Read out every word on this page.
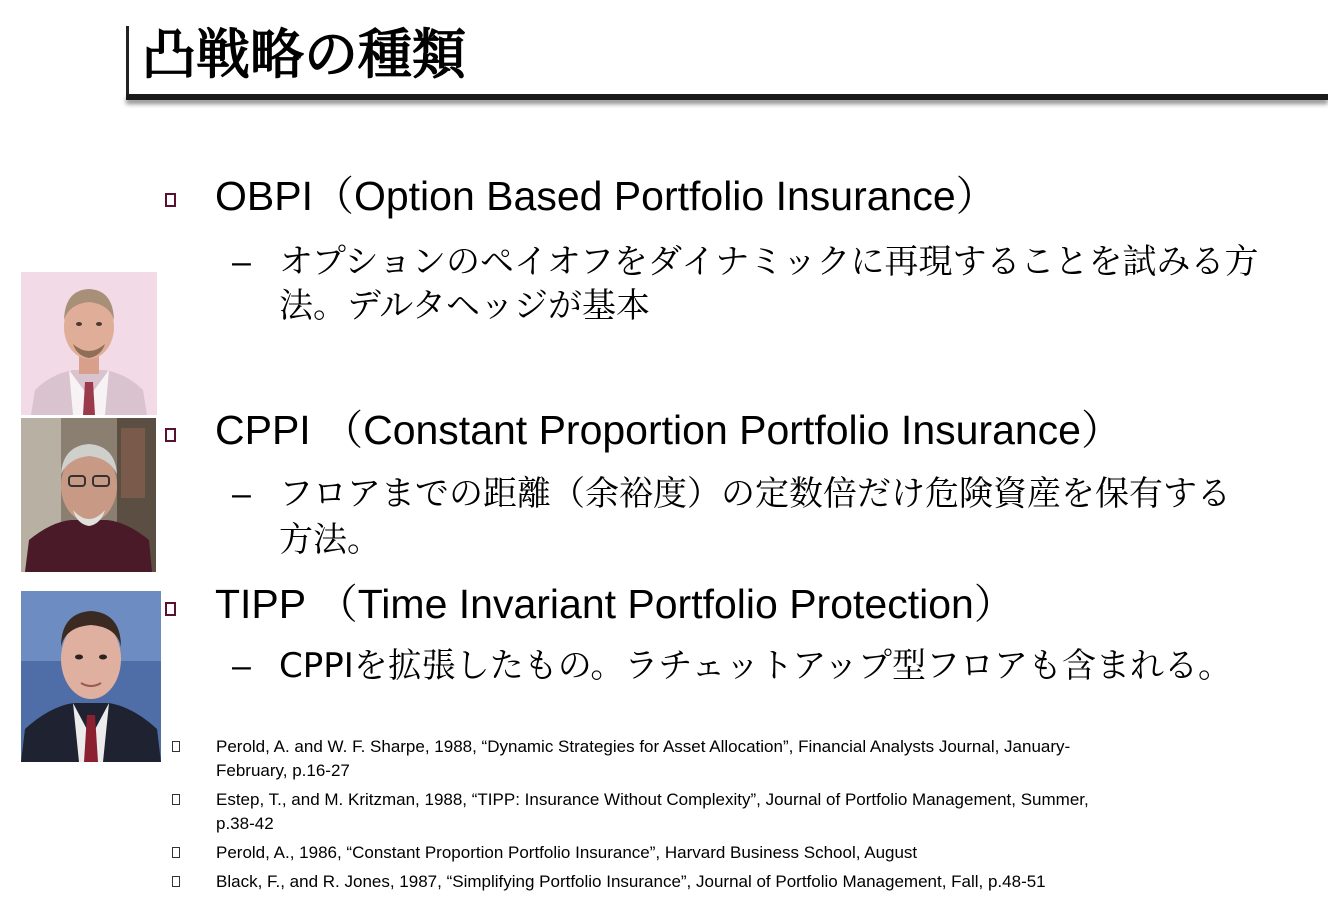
凸戦略の種類
OBPI（Option Based Portfolio Insurance）
– オプションのペイオフをダイナミックに再現することを試みる方
法。デルタヘッジが基本
CPPI （Constant Proportion Portfolio Insurance）
– フロアまでの距離（余裕度）の定数倍だけ危険資産を保有する
方法。
TIPP （Time Invariant Portfolio Protection）
– CPPIを拡張したもの。ラチェットアップ型フロアも含まれる。
Perold, A. and W. F. Sharpe, 1988, “Dynamic Strategies for Asset Allocation”, Financial Analysts Journal, January-
February, p.16-27
Estep, T., and M. Kritzman, 1988, “TIPP: Insurance Without Complexity”, Journal of Portfolio Management, Summer,
p.38-42
Perold, A., 1986, “Constant Proportion Portfolio Insurance”, Harvard Business School, August
Black, F., and R. Jones, 1987, “Simplifying Portfolio Insurance”, Journal of Portfolio Management, Fall, p.48-51
